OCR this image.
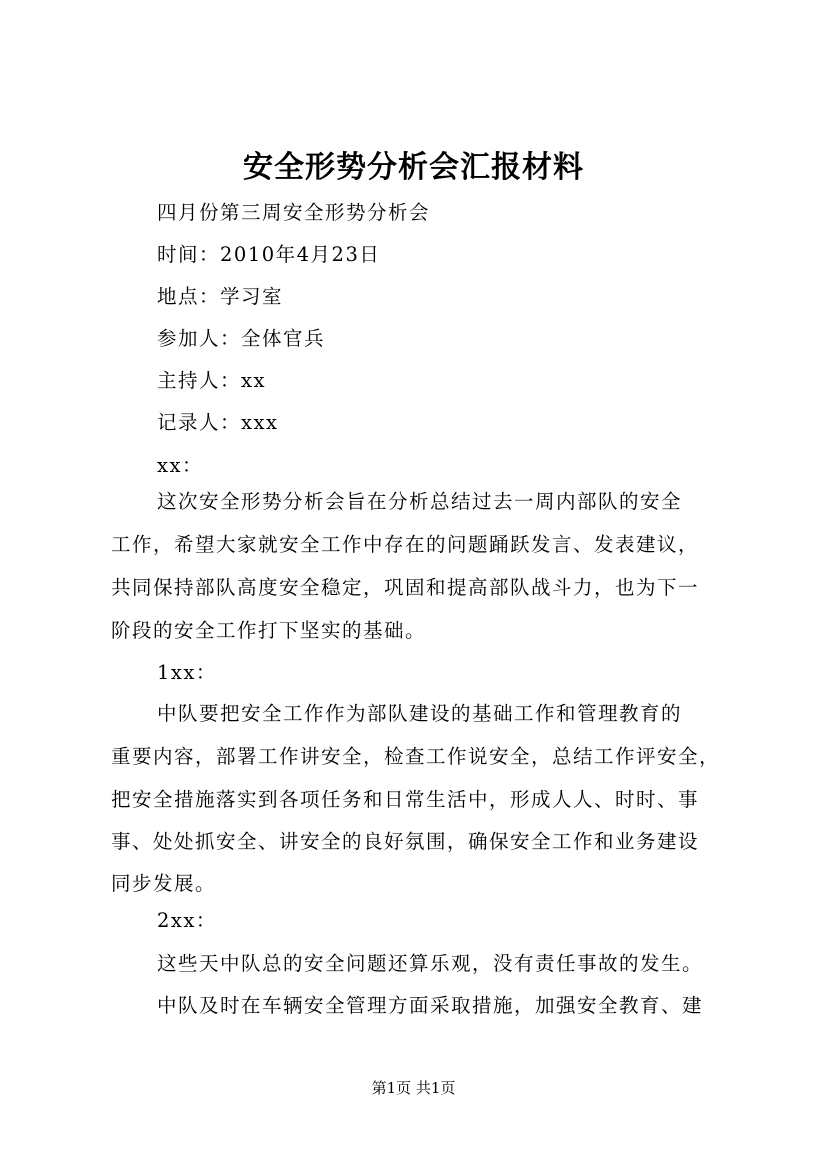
安全形势分析会汇报材料
四月份第三周安全形势分析会
时间：2010年4月23日
地点：学习室
参加人：全体官兵
主持人：xx
记录人：xxx
xx：
这次安全形势分析会旨在分析总结过去一周内部队的安全
工作，希望大家就安全工作中存在的问题踊跃发言、发表建议，
共同保持部队高度安全稳定，巩固和提高部队战斗力，也为下一
阶段的安全工作打下坚实的基础。
1xx：
中队要把安全工作作为部队建设的基础工作和管理教育的
重要内容，部署工作讲安全，检查工作说安全，总结工作评安全，
把安全措施落实到各项任务和日常生活中，形成人人、时时、事
事、处处抓安全、讲安全的良好氛围，确保安全工作和业务建设
同步发展。
2xx：
这些天中队总的安全问题还算乐观，没有责任事故的发生。
中队及时在车辆安全管理方面采取措施，加强安全教育、建
第1页 共1页
